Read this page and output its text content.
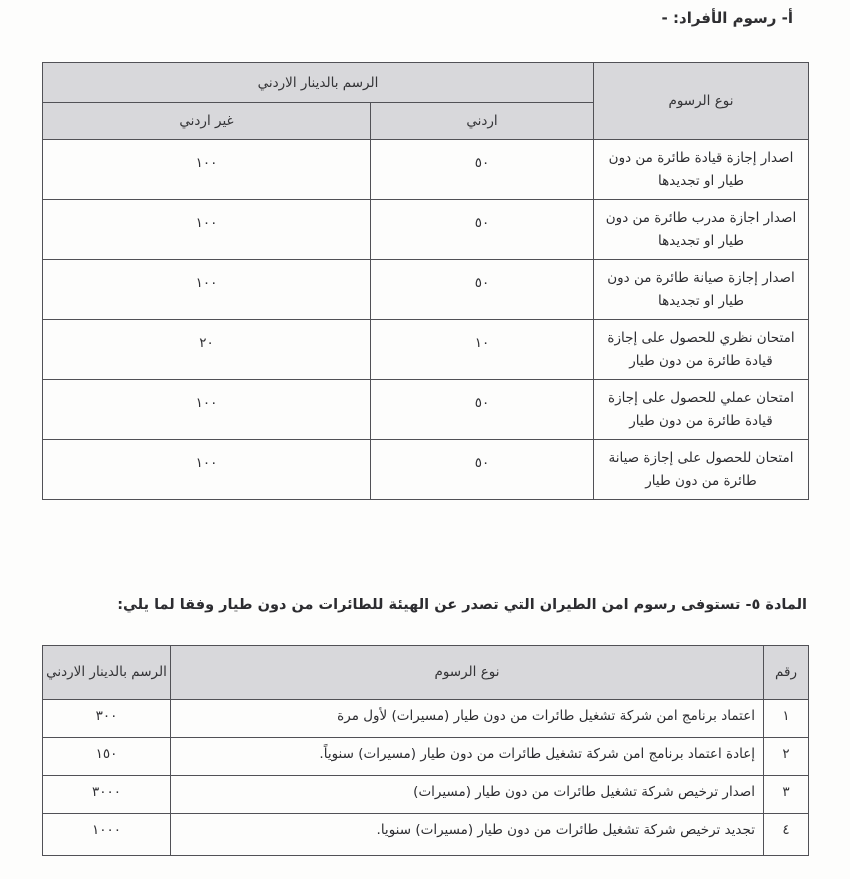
أ- رسوم الأفراد: -
نوع الرسوم	الرسم بالدينار الاردني	
	اردني	غير اردني
اصدار إجازة قيادة طائرة من دون طيار او تجديدها	٥٠	١٠٠
اصدار اجازة مدرب طائرة من دون طيار او تجديدها	٥٠	١٠٠
اصدار إجازة صيانة طائرة من دون طيار او تجديدها	٥٠	١٠٠
امتحان نظري للحصول على إجازة قيادة طائرة من دون طيار	١٠	٢٠
امتحان عملي للحصول على إجازة قيادة طائرة من دون طيار	٥٠	١٠٠
امتحان للحصول على إجازة صيانة طائرة من دون طيار	٥٠	١٠٠
المادة ٥- تستوفى رسوم امن الطيران التي تصدر عن الهيئة للطائرات من دون طيار وفقا لما يلي:
رقم	نوع الرسوم	الرسم بالدينار الاردني
١	اعتماد برنامج امن شركة تشغيل طائرات من دون طيار (مسيرات) لأول مرة	٣٠٠
٢	إعادة اعتماد برنامج امن شركة تشغيل طائرات من دون طيار (مسيرات) سنوياً.	١٥٠
٣	اصدار ترخيص شركة تشغيل طائرات من دون طيار (مسيرات)	٣٠٠٠
٤	تجديد ترخيص شركة تشغيل طائرات من دون طيار (مسيرات) سنويا.	١٠٠٠
